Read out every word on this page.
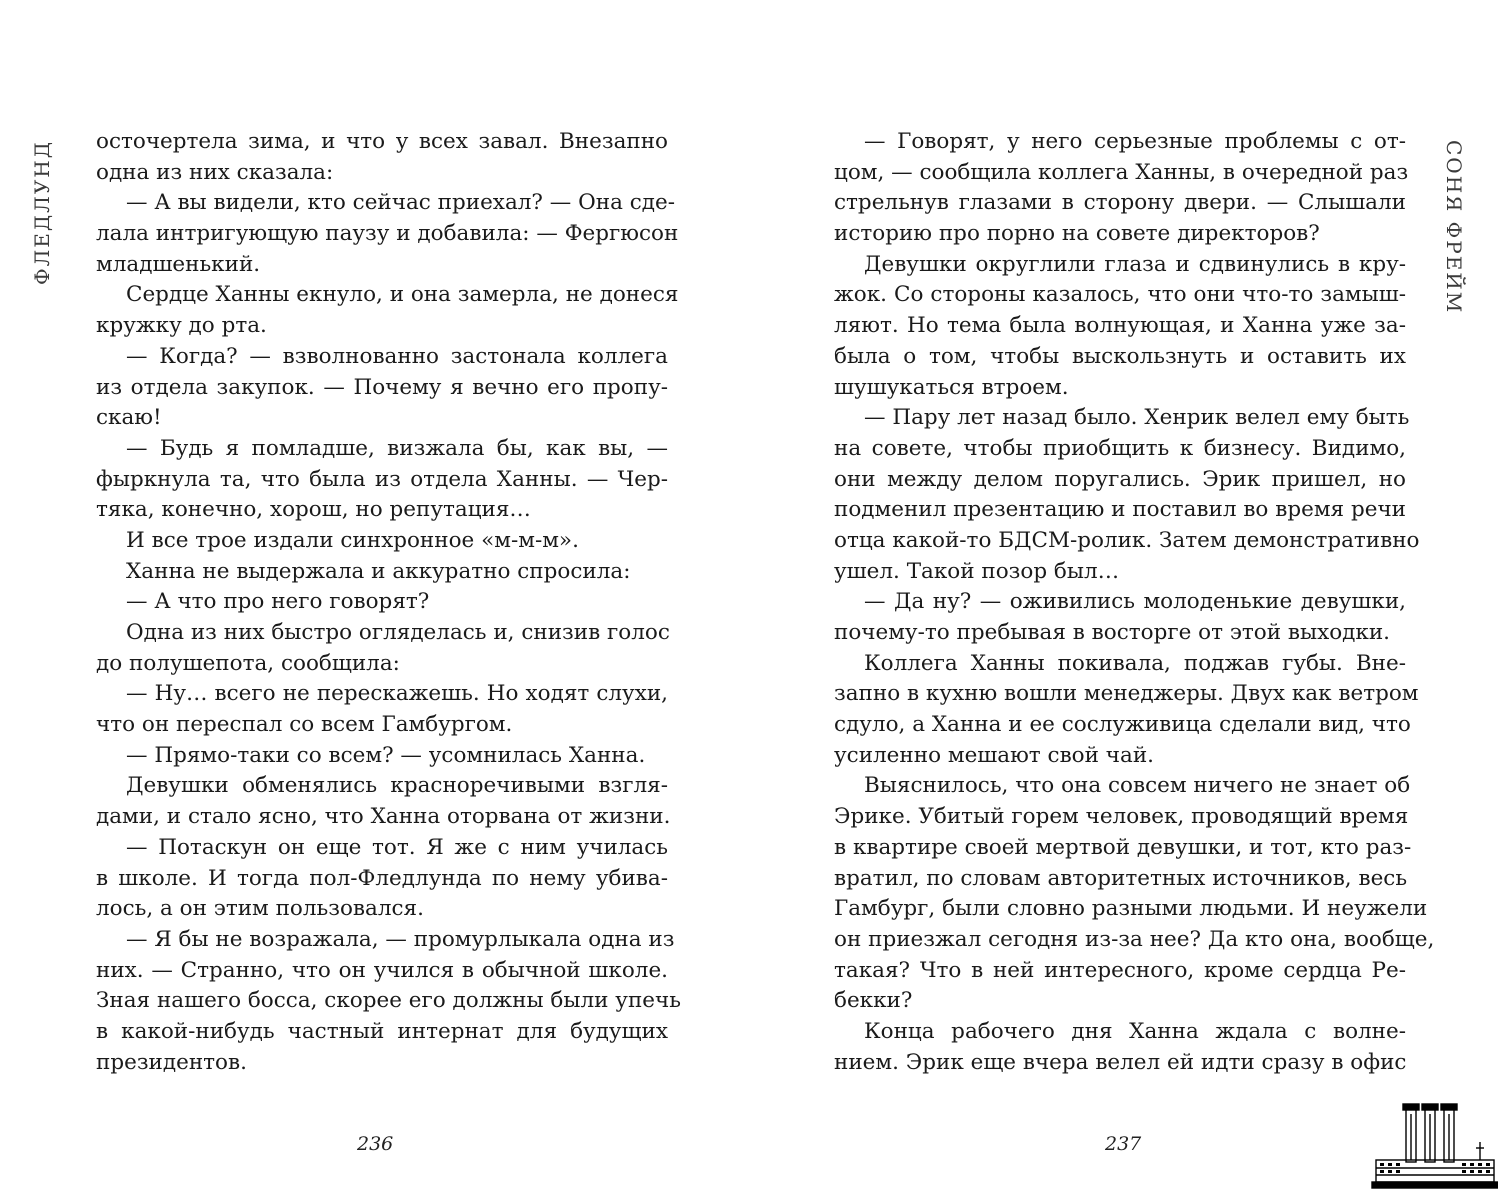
ФЛЕДЛУНД осточертела зима, и что у всех завал. Внезапно
одна из них сказала:
— А вы видели, кто сейчас приехал? — Она сде-
лала интригующую паузу и добавила: — Фергюсон
младшенький.
Сердце Ханны екнуло, и она замерла, не донеся
кружку до рта.
— Когда? — взволнованно застонала коллега
из отдела закупок. — Почему я вечно его пропу-
скаю!
— Будь я помладше, визжала бы, как вы, —
фыркнула та, что была из отдела Ханны. — Чер-
тяка, конечно, хорош, но репутация…
И все трое издали синхронное «м-м-м».
Ханна не выдержала и аккуратно спросила:
— А что про него говорят?
Одна из них быстро огляделась и, снизив голос
до полушепота, сообщила:
— Ну… всего не перескажешь. Но ходят слухи,
что он переспал со всем Гамбургом.
— Прямо-таки со всем? — усомнилась Ханна.
Девушки обменялись красноречивыми взгля-
дами, и стало ясно, что Ханна оторвана от жизни.
— Потаскун он еще тот. Я же с ним училась
в школе. И тогда пол-Фледлунда по нему убива-
лось, а он этим пользовался.
— Я бы не возражала, — промурлыкала одна из
них. — Странно, что он учился в обычной школе.
Зная нашего босса, скорее его должны были упечь
в какой-нибудь частный интернат для будущих
президентов.
236
СОНЯ ФРЕЙМ
— Говорят, у него серьезные проблемы с от-
цом, — сообщила коллега Ханны, в очередной раз
стрельнув глазами в сторону двери. — Слышали
историю про порно на совете директоров?
Девушки округлили глаза и сдвинулись в кру-
жок. Со стороны казалось, что они что-то замыш-
ляют. Но тема была волнующая, и Ханна уже за-
была о том, чтобы выскользнуть и оставить их
шушукаться втроем.
— Пару лет назад было. Хенрик велел ему быть
на совете, чтобы приобщить к бизнесу. Видимо,
они между делом поругались. Эрик пришел, но
подменил презентацию и поставил во время речи
отца какой-то БДСМ-ролик. Затем демонстративно
ушел. Такой позор был…
— Да ну? — оживились молоденькие девушки,
почему-то пребывая в восторге от этой выходки.
Коллега Ханны покивала, поджав губы. Вне-
запно в кухню вошли менеджеры. Двух как ветром
сдуло, а Ханна и ее сослуживица сделали вид, что
усиленно мешают свой чай.
Выяснилось, что она совсем ничего не знает об
Эрике. Убитый горем человек, проводящий время
в квартире своей мертвой девушки, и тот, кто раз-
вратил, по словам авторитетных источников, весь
Гамбург, были словно разными людьми. И неужели
он приезжал сегодня из-за нее? Да кто она, вообще,
такая? Что в ней интересного, кроме сердца Ре-
бекки?
Конца рабочего дня Ханна ждала с волне-
нием. Эрик еще вчера велел ей идти сразу в офис
237
